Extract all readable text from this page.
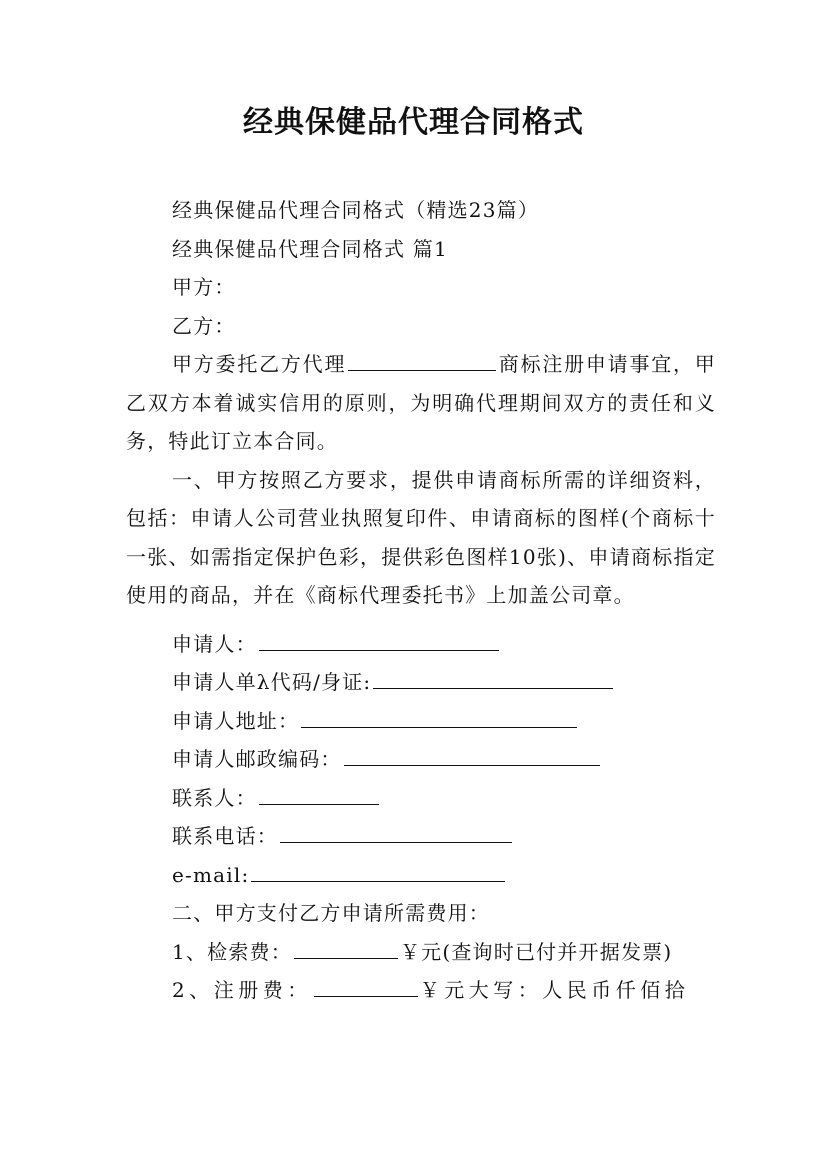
经典保健品代理合同格式
经典保健品代理合同格式（精选23篇）
经典保健品代理合同格式 篇1
甲方：
乙方：
甲方委托乙方代理	商标注册申请事宜，甲乙双方本着诚实信用的原则，为明确代理期间双方的责任和义务，特此订立本合同。
一、甲方按照乙方要求，提供申请商标所需的详细资料，包括：申请人公司营业执照复印件、申请商标的图样(个商标十一张、如需指定保护色彩，提供彩色图样10张)、申请商标指定使用的商品，并在《商标代理委托书》上加盖公司章。
申请人：
申请人单λ代码/身证:
申请人地址：
申请人邮政编码：
联系人：
联系电话：
e-mail:
二、甲方支付乙方申请所需费用：
1、检索费：	￥元(查询时已付并开据发票)
2、注册费：	￥元大写：人民币仟佰拾
